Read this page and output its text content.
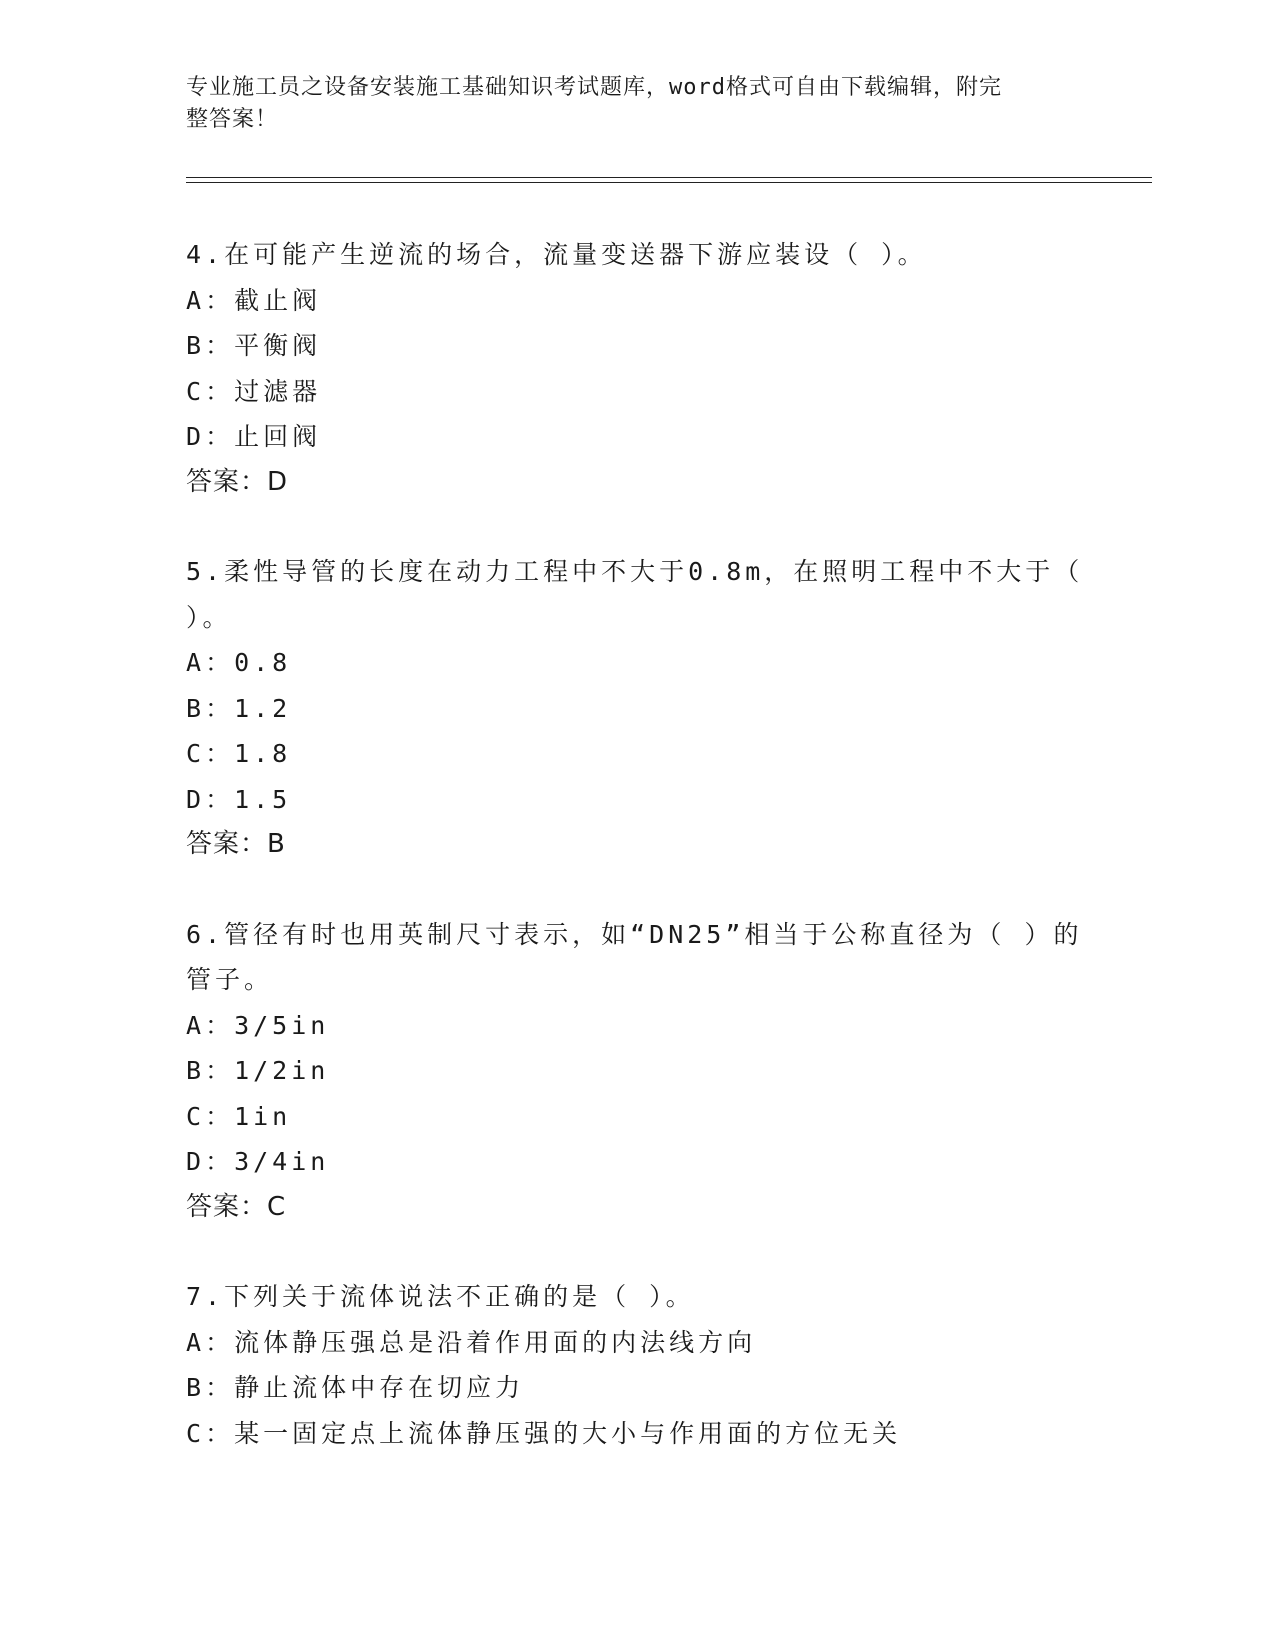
专业施工员之设备安装施工基础知识考试题库，word格式可自由下载编辑，附完
整答案！
4.在可能产生逆流的场合，流量变送器下游应装设（ ）。
A：截止阀
B：平衡阀
C：过滤器
D：止回阀
答案：D
5.柔性导管的长度在动力工程中不大于0.8m，在照明工程中不大于（ ）。
A：0.8
B：1.2
C：1.8
D：1.5
答案：B
6.管径有时也用英制尺寸表示，如“DN25”相当于公称直径为（ ）的管子。
A：3/5in
B：1/2in
C：1in
D：3/4in
答案：C
7.下列关于流体说法不正确的是（ ）。
A：流体静压强总是沿着作用面的内法线方向
B：静止流体中存在切应力
C：某一固定点上流体静压强的大小与作用面的方位无关
